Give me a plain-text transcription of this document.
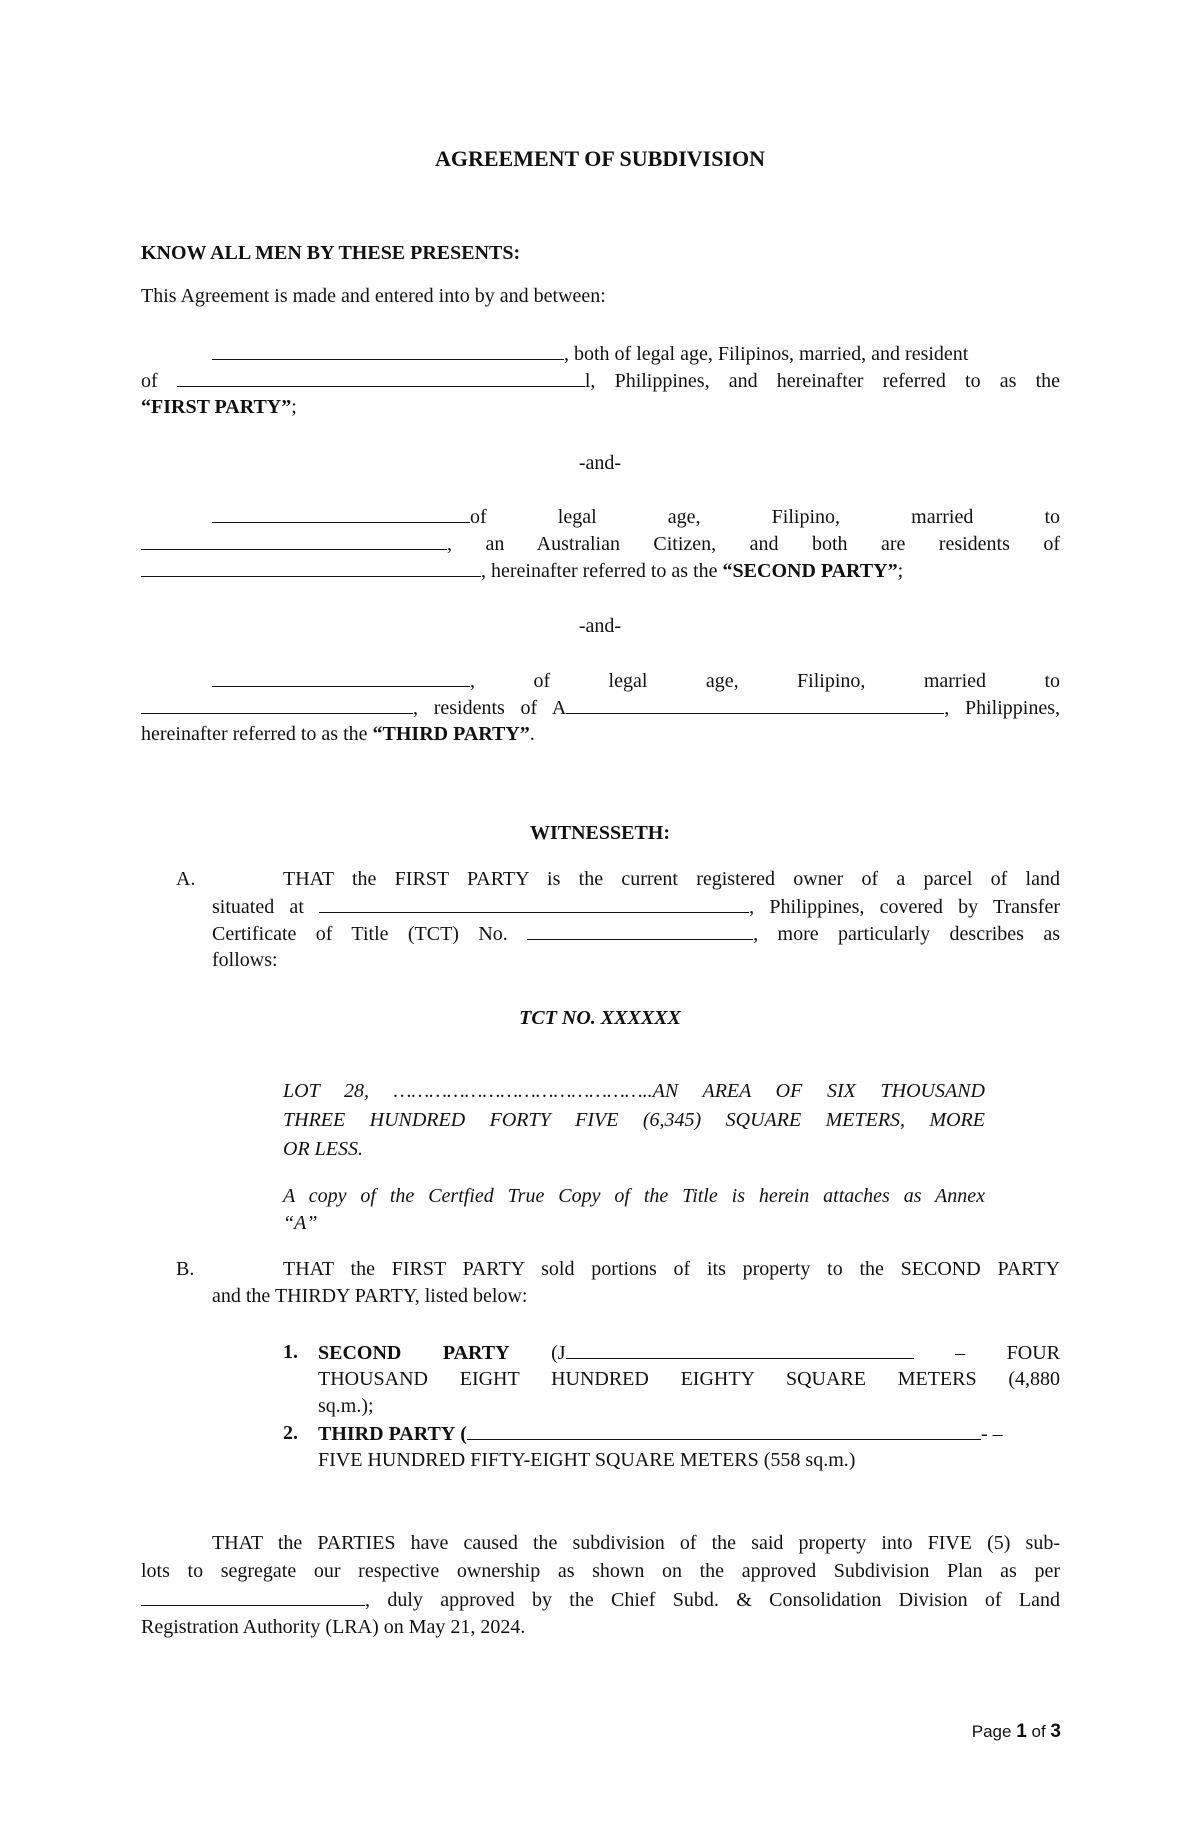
AGREEMENT OF SUBDIVISION
KNOW ALL MEN BY THESE PRESENTS:
This Agreement is made and entered into by and between:
, both of legal age, Filipinos, married, and resident
of	l, Philippines, and hereinafter referred to as the
“FIRST PARTY”;
-and-
of legal age, Filipino, married to
, an Australian Citizen, and both are residents of
, hereinafter referred to as the “SECOND PARTY”;
-and-
, of legal age, Filipino, married to
, residents of A	, Philippines,
hereinafter referred to as the “THIRD PARTY”.
WITNESSETH:
A.	THAT the FIRST PARTY is the current registered owner of a parcel of land
situated at	, Philippines, covered by Transfer
Certificate of Title (TCT) No.	, more particularly describes as
follows:
TCT NO. XXXXXX
LOT 28, ……………………………………..AN AREA OF SIX THOUSAND
THREE HUNDRED FORTY FIVE (6,345) SQUARE METERS, MORE
OR LESS.
A copy of the Certfied True Copy of the Title is herein attaches as Annex
“A”
B.	THAT the FIRST PARTY sold portions of its property to the SECOND PARTY
and the THIRDY PARTY, listed below:
1. SECOND PARTY (J	– FOUR
THOUSAND EIGHT HUNDRED EIGHTY SQUARE METERS (4,880
sq.m.);
2. THIRD PARTY (	- –
FIVE HUNDRED FIFTY-EIGHT SQUARE METERS (558 sq.m.)
THAT the PARTIES have caused the subdivision of the said property into FIVE (5) sub-
lots to segregate our respective ownership as shown on the approved Subdivision Plan as per
, duly approved by the Chief Subd. & Consolidation Division of Land
Registration Authority (LRA) on May 21, 2024.
Page 1 of 3
